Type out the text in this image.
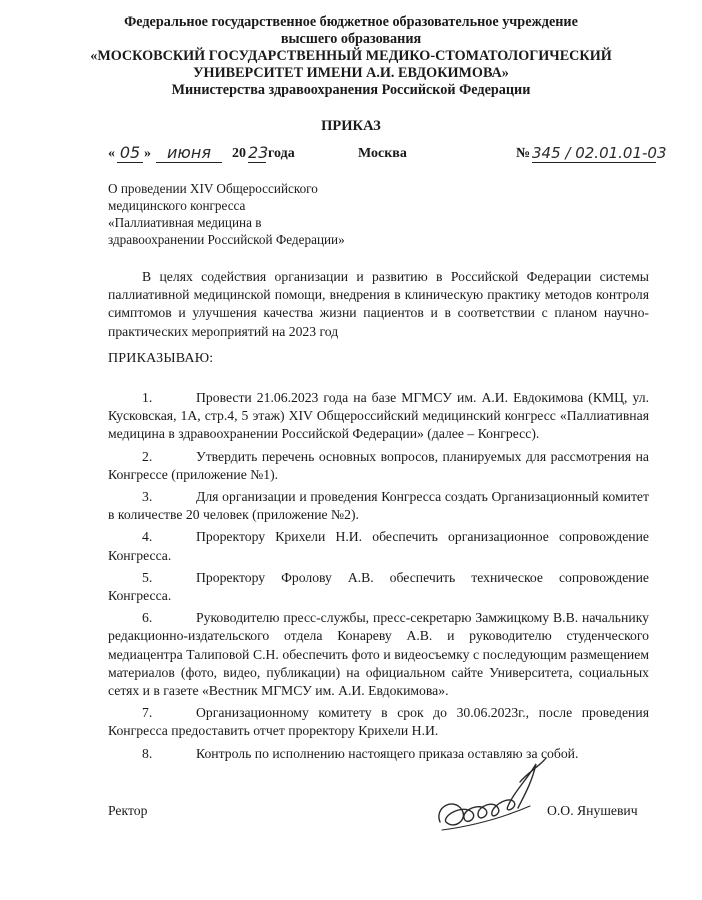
Федеральное государственное бюджетное образовательное учреждение
высшего образования
«МОСКОВСКИЙ ГОСУДАРСТВЕННЫЙ МЕДИКО-СТОМАТОЛОГИЧЕСКИЙ
УНИВЕРСИТЕТ ИМЕНИ А.И. ЕВДОКИМОВА»
Министерства здравоохранения Российской Федерации
ПРИКАЗ
« 05 »	июня	20 23 года	Москва	№ 345 / 02.01.01-03
О проведении XIV Общероссийского
медицинского конгресса
«Паллиативная медицина в
здравоохранении Российской Федерации»
В целях содействия организации и развитию в Российской Федерации системы паллиативной медицинской помощи, внедрения в клиническую практику методов контроля симптомов и улучшения качества жизни пациентов и в соответствии с планом научно-практических мероприятий на 2023 год
ПРИКАЗЫВАЮ:
1.	Провести 21.06.2023 года на базе МГМСУ им. А.И. Евдокимова (КМЦ, ул. Кусковская, 1А, стр.4, 5 этаж) XIV Общероссийский медицинский конгресс «Паллиативная медицина в здравоохранении Российской Федерации» (далее – Конгресс).
2.	Утвердить перечень основных вопросов, планируемых для рассмотрения на Конгрессе (приложение №1).
3.	Для организации и проведения Конгресса создать Организационный комитет в количестве 20 человек (приложение №2).
4.	Проректору Крихели Н.И. обеспечить организационное сопровождение Конгресса.
5.	Проректору Фролову А.В. обеспечить техническое сопровождение Конгресса.
6.	Руководителю пресс-службы, пресс-секретарю Замжицкому В.В. начальнику редакционно-издательского отдела Конареву А.В. и руководителю студенческого медиацентра Талиповой С.Н. обеспечить фото и видеосъемку с последующим размещением материалов (фото, видео, публикации) на официальном сайте Университета, социальных сетях и в газете «Вестник МГМСУ им. А.И. Евдокимова».
7.	Организационному комитету в срок до 30.06.2023г., после проведения Конгресса предоставить отчет проректору Крихели Н.И.
8.	Контроль по исполнению настоящего приказа оставляю за собой.
Ректор	О.О. Янушевич
